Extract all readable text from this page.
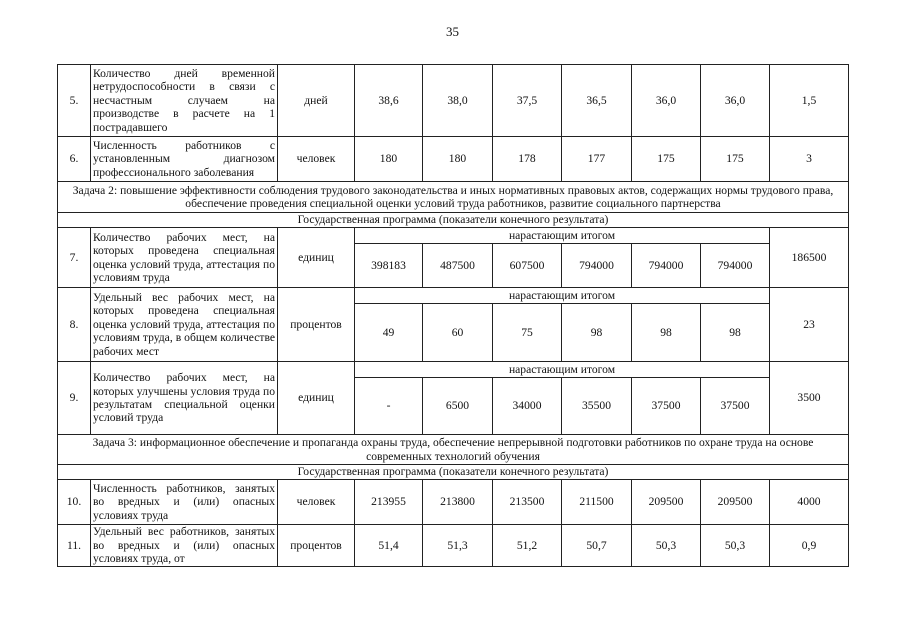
35
5.	Количество дней временной нетрудоспособности в связи с несчастным случаем на производстве в расчете на 1 пострадавшего	дней	38,6	38,0	37,5	36,5	36,0	36,0	1,5
6.	Численность работников с установленным диагнозом профессионального заболевания	человек	180	180	178	177	175	175	3
Задача 2: повышение эффективности соблюдения трудового законодательства и иных нормативных правовых актов, содержащих нормы трудового права, обеспечение проведения специальной оценки условий труда работников, развитие социального партнерства									
Государственная программа (показатели конечного результата)									
7.	Количество рабочих мест, на которых проведена специальная оценка условий труда, аттестация по условиям труда	единиц	нарастающим итогом						186500
			398183	487500	607500	794000	794000	794000	
8.	Удельный вес рабочих мест, на которых проведена специальная оценка условий труда, аттестация по условиям труда, в общем количестве рабочих мест	процентов	нарастающим итогом						23
			49	60	75	98	98	98	
9.	Количество рабочих мест, на которых улучшены условия труда по результатам специальной оценки условий труда	единиц	нарастающим итогом						3500
			-	6500	34000	35500	37500	37500	
Задача 3: информационное обеспечение и пропаганда охраны труда, обеспечение непрерывной подготовки работников по охране труда на основе современных технологий обучения									
Государственная программа (показатели конечного результата)									
10.	Численность работников, занятых во вредных и (или) опасных условиях труда	человек	213955	213800	213500	211500	209500	209500	4000
11.	Удельный вес работников, занятых во вредных и (или) опасных условиях труда, от	процентов	51,4	51,3	51,2	50,7	50,3	50,3	0,9
